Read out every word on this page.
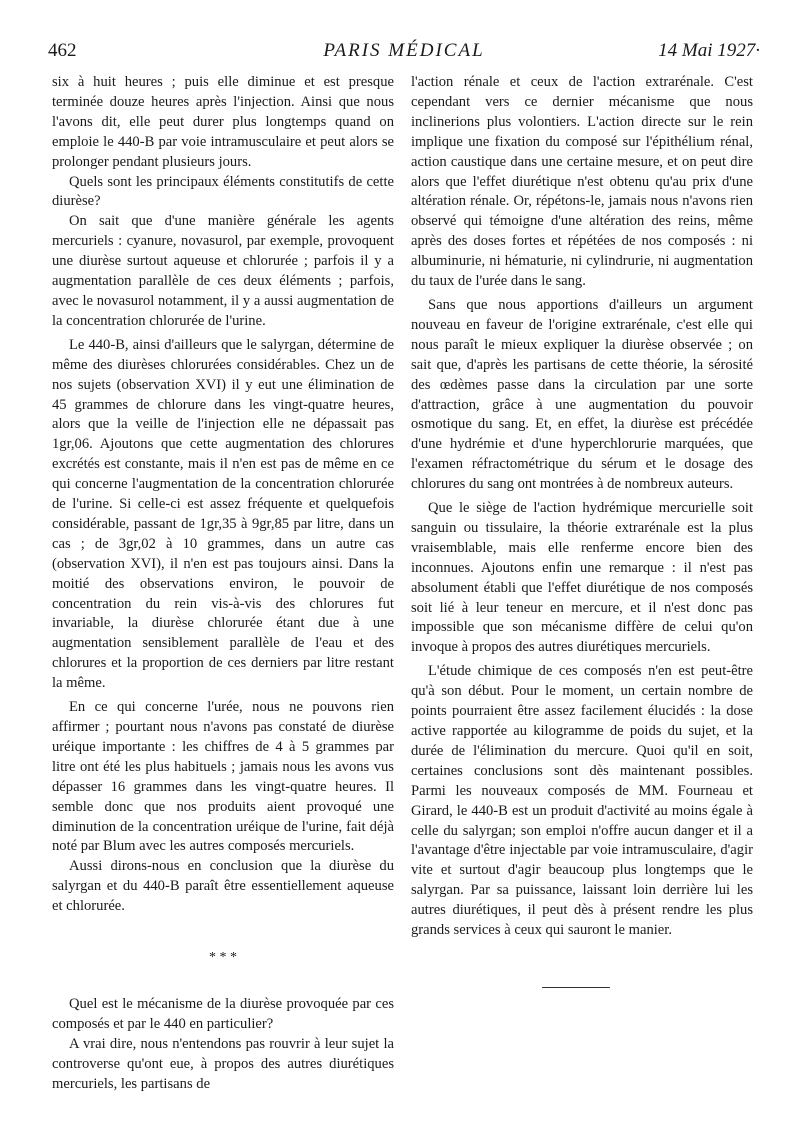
462	PARIS MÉDICAL	14 Mai 1927·

six à huit heures ; puis elle diminue et est presque terminée douze heures après l'injection. Ainsi que nous l'avons dit, elle peut durer plus longtemps quand on emploie le 440-B par voie intramusculaire et peut alors se prolonger pendant plusieurs jours.

Quels sont les principaux éléments constitutifs de cette diurèse?

On sait que d'une manière générale les agents mercuriels : cyanure, novasurol, par exemple, provoquent une diurèse surtout aqueuse et chlorurée ; parfois il y a augmentation parallèle de ces deux éléments ; parfois, avec le novasurol notamment, il y a aussi augmentation de la concentration chlorurée de l'urine.

Le 440-B, ainsi d'ailleurs que le salyrgan, détermine de même des diurèses chlorurées considérables. Chez un de nos sujets (observation XVI) il y eut une élimination de 45 grammes de chlorure dans les vingt-quatre heures, alors que la veille de l'injection elle ne dépassait pas 1gr,06. Ajoutons que cette augmentation des chlorures excrétés est constante, mais il n'en est pas de même en ce qui concerne l'augmentation de la concentration chlorurée de l'urine. Si celle-ci est assez fréquente et quelquefois considérable, passant de 1gr,35 à 9gr,85 par litre, dans un cas ; de 3gr,02 à 10 grammes, dans un autre cas (observation XVI), il n'en est pas toujours ainsi. Dans la moitié des observations environ, le pouvoir de concentration du rein vis-à-vis des chlorures fut invariable, la diurèse chlorurée étant due à une augmentation sensiblement parallèle de l'eau et des chlorures et la proportion de ces derniers par litre restant la même.

En ce qui concerne l'urée, nous ne pouvons rien affirmer ; pourtant nous n'avons pas constaté de diurèse uréique importante : les chiffres de 4 à 5 grammes par litre ont été les plus habituels ; jamais nous les avons vus dépasser 16 grammes dans les vingt-quatre heures. Il semble donc que nos produits aient provoqué une diminution de la concentration uréique de l'urine, fait déjà noté par Blum avec les autres composés mercuriels.

Aussi dirons-nous en conclusion que la diurèse du salyrgan et du 440-B paraît être essentiellement aqueuse et chlorurée.

* * *

Quel est le mécanisme de la diurèse provoquée par ces composés et par le 440 en particulier?

A vrai dire, nous n'entendons pas rouvrir à leur sujet la controverse qu'ont eue, à propos des autres diurétiques mercuriels, les partisans de

l'action rénale et ceux de l'action extrarénale. C'est cependant vers ce dernier mécanisme que nous inclinerions plus volontiers. L'action directe sur le rein implique une fixation du composé sur l'épithélium rénal, action caustique dans une certaine mesure, et on peut dire alors que l'effet diurétique n'est obtenu qu'au prix d'une altération rénale. Or, répétons-le, jamais nous n'avons rien observé qui témoigne d'une altération des reins, même après des doses fortes et répétées de nos composés : ni albuminurie, ni hématurie, ni cylindrurie, ni augmentation du taux de l'urée dans le sang.

Sans que nous apportions d'ailleurs un argument nouveau en faveur de l'origine extrarénale, c'est elle qui nous paraît le mieux expliquer la diurèse observée ; on sait que, d'après les partisans de cette théorie, la sérosité des œdèmes passe dans la circulation par une sorte d'attraction, grâce à une augmentation du pouvoir osmotique du sang. Et, en effet, la diurèse est précédée d'une hydrémie et d'une hyperchlorurie marquées, que l'examen réfractométrique du sérum et le dosage des chlorures du sang ont montrées à de nombreux auteurs.

Que le siège de l'action hydrémique mercurielle soit sanguin ou tissulaire, la théorie extrarénale est la plus vraisemblable, mais elle renferme encore bien des inconnues. Ajoutons enfin une remarque : il n'est pas absolument établi que l'effet diurétique de nos composés soit lié à leur teneur en mercure, et il n'est donc pas impossible que son mécanisme diffère de celui qu'on invoque à propos des autres diurétiques mercuriels.

L'étude chimique de ces composés n'en est peut-être qu'à son début. Pour le moment, un certain nombre de points pourraient être assez facilement élucidés : la dose active rapportée au kilogramme de poids du sujet, et la durée de l'élimination du mercure. Quoi qu'il en soit, certaines conclusions sont dès maintenant possibles. Parmi les nouveaux composés de MM. Fourneau et Girard, le 440-B est un produit d'activité au moins égale à celle du salyrgan; son emploi n'offre aucun danger et il a l'avantage d'être injectable par voie intramusculaire, d'agir vite et surtout d'agir beaucoup plus longtemps que le salyrgan. Par sa puissance, laissant loin derrière lui les autres diurétiques, il peut dès à présent rendre les plus grands services à ceux qui sauront le manier.
